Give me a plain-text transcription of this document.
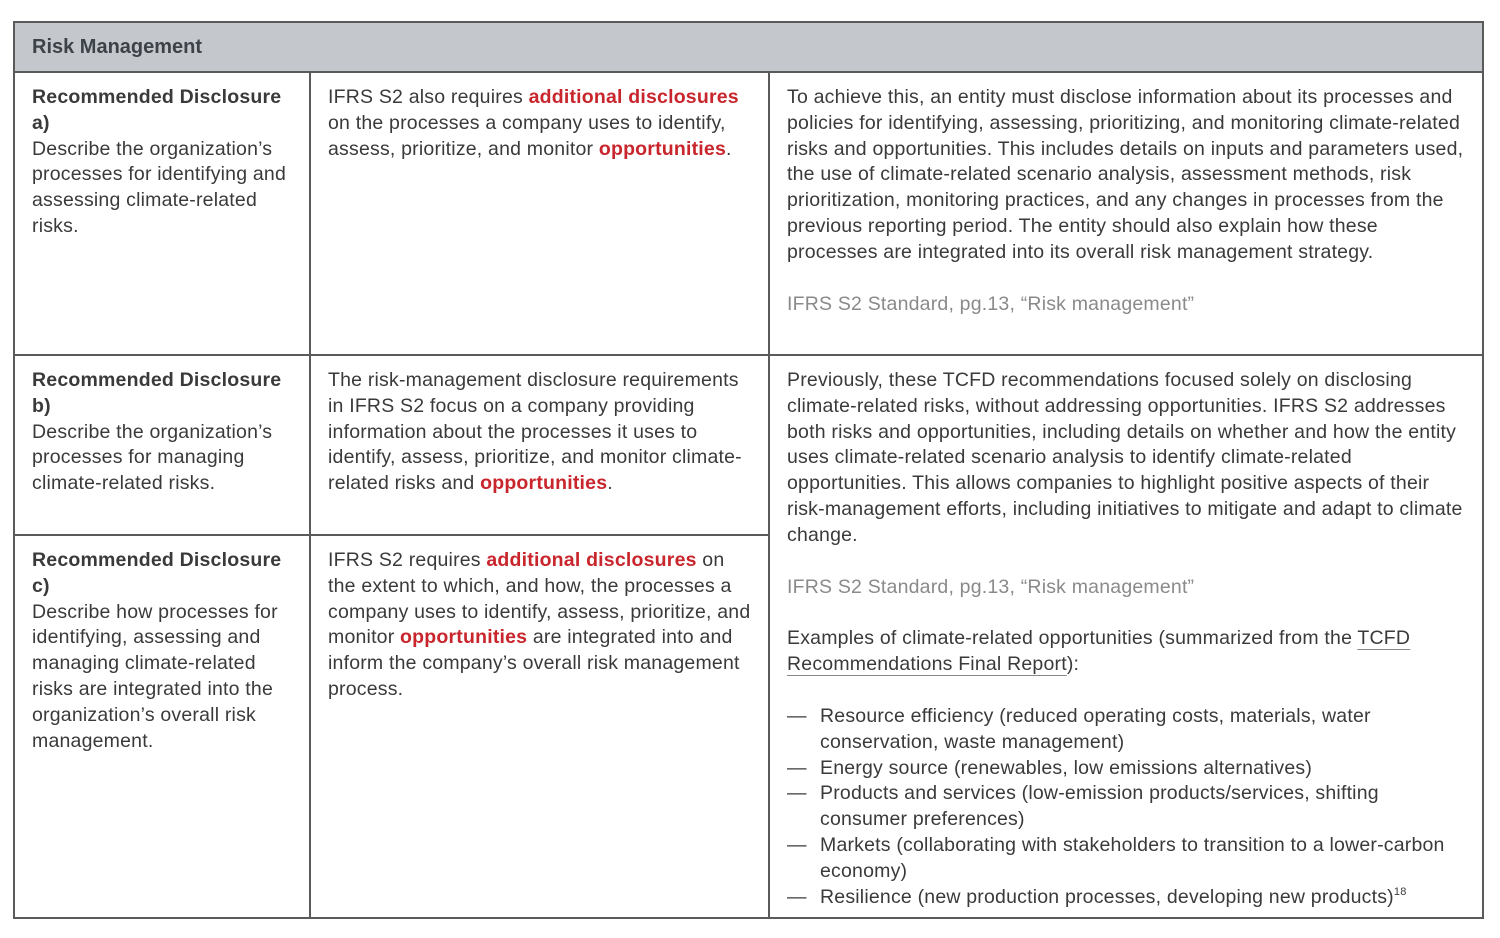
Risk Management
Recommended Disclosure a)
Describe the organization’s processes for identifying and assessing climate-related risks.
IFRS S2 also requires additional disclosures on the processes a company uses to identify, assess, prioritize, and monitor opportunities.
To achieve this, an entity must disclose information about its processes and policies for identifying, assessing, prioritizing, and monitoring climate-related risks and opportunities. This includes details on inputs and parameters used, the use of climate-related scenario analysis, assessment methods, risk prioritization, monitoring practices, and any changes in processes from the previous reporting period. The entity should also explain how these processes are integrated into its overall risk management strategy.
IFRS S2 Standard, pg.13, “Risk management”
Recommended Disclosure b)
Describe the organization’s processes for managing climate-related risks.
The risk-management disclosure requirements in IFRS S2 focus on a company providing information about the processes it uses to identify, assess, prioritize, and monitor climate-related risks and opportunities.
Previously, these TCFD recommendations focused solely on disclosing climate-related risks, without addressing opportunities. IFRS S2 addresses both risks and opportunities, including details on whether and how the entity uses climate-related scenario analysis to identify climate-related opportunities. This allows companies to highlight positive aspects of their risk-management efforts, including initiatives to mitigate and adapt to climate change.
IFRS S2 Standard, pg.13, “Risk management”
Examples of climate-related opportunities (summarized from the TCFD Recommendations Final Report):
— Resource efficiency (reduced operating costs, materials, water conservation, waste management)
— Energy source (renewables, low emissions alternatives)
— Products and services (low-emission products/services, shifting consumer preferences)
— Markets (collaborating with stakeholders to transition to a lower-carbon economy)
— Resilience (new production processes, developing new products)$^{18}$
Recommended Disclosure c)
Describe how processes for identifying, assessing and managing climate-related risks are integrated into the organization’s overall risk management.
IFRS S2 requires additional disclosures on the extent to which, and how, the processes a company uses to identify, assess, prioritize, and monitor opportunities are integrated into and inform the company’s overall risk management process.
